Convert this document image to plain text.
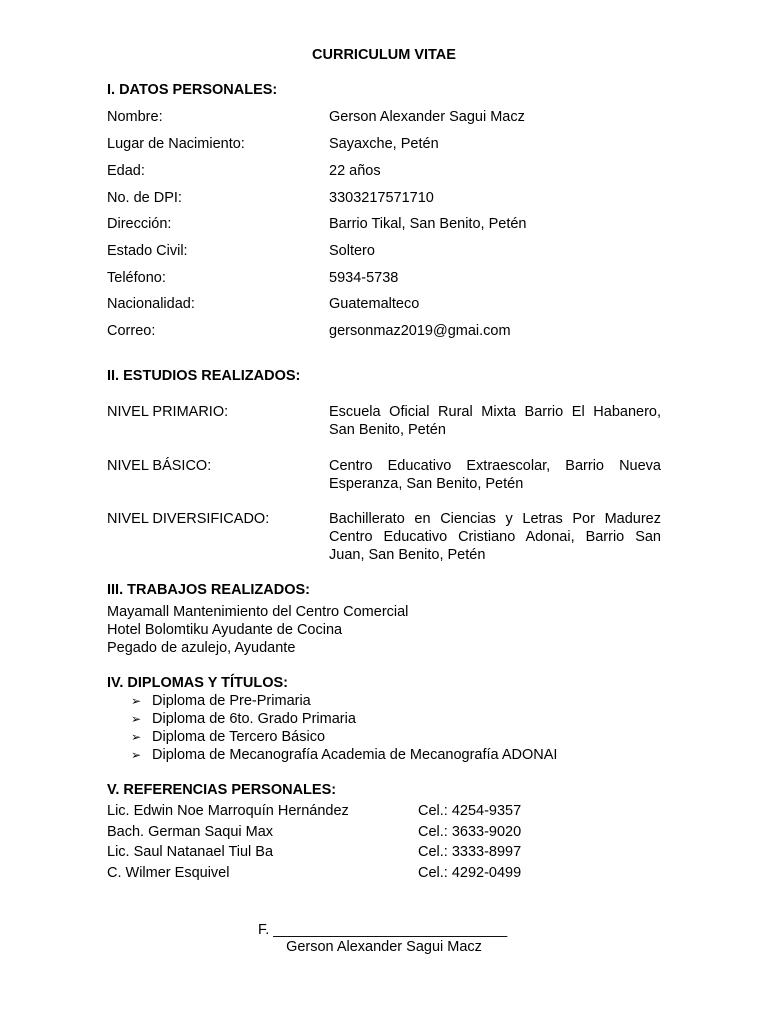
CURRICULUM VITAE
I. DATOS PERSONALES:
Nombre:	Gerson Alexander Sagui Macz
Lugar de Nacimiento:	Sayaxche, Petén
Edad:	22 años
No. de DPI:	3303217571710
Dirección:	Barrio Tikal, San Benito, Petén
Estado Civil:	Soltero
Teléfono:	5934-5738
Nacionalidad:	Guatemalteco
Correo:	gersonmaz2019@gmai.com
II. ESTUDIOS REALIZADOS:
NIVEL PRIMARIO:	Escuela Oficial Rural Mixta Barrio El Habanero, San Benito, Petén
NIVEL BÁSICO:	Centro Educativo Extraescolar, Barrio Nueva Esperanza, San Benito, Petén
NIVEL DIVERSIFICADO:	Bachillerato en Ciencias y Letras Por Madurez Centro Educativo Cristiano Adonai, Barrio San Juan, San Benito, Petén
III. TRABAJOS REALIZADOS:
Mayamall Mantenimiento del Centro Comercial
Hotel Bolomtiku Ayudante de Cocina
Pegado de azulejo, Ayudante
IV. DIPLOMAS Y TÍTULOS:
➢ Diploma de Pre-Primaria
➢ Diploma de 6to. Grado Primaria
➢ Diploma de Tercero Básico
➢ Diploma de Mecanografía Academia de Mecanografía ADONAI
V. REFERENCIAS PERSONALES:
Lic. Edwin Noe Marroquín Hernández	Cel.: 4254-9357
Bach. German Saqui Max	Cel.: 3633-9020
Lic. Saul Natanael Tiul Ba	Cel.: 3333-8997
C. Wilmer Esquivel	Cel.: 4292-0499
F. _____________________________
Gerson Alexander Sagui Macz
